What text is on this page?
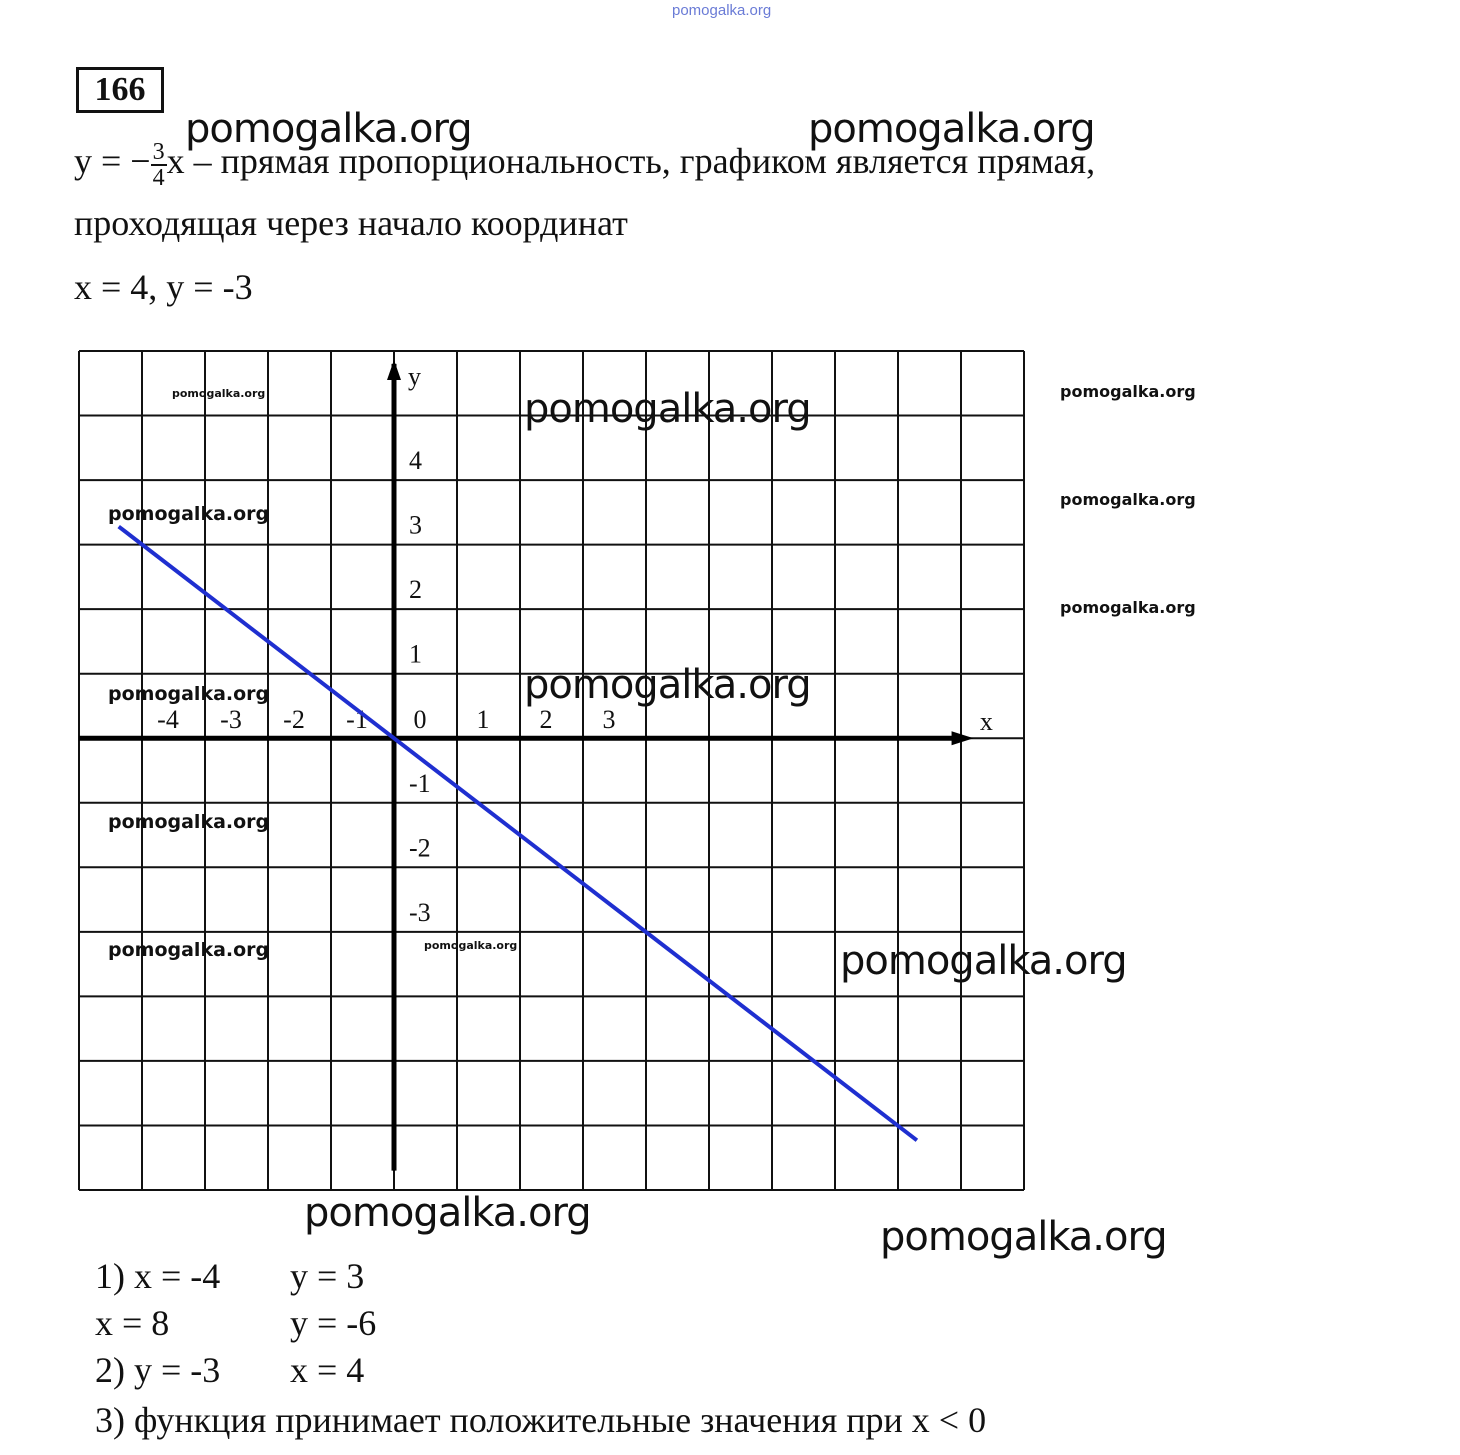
pomogalka.org
166
y = − $\frac{3}{4}$ x – прямая пропорциональность, графиком является прямая,
проходящая через начало координат
x = 4, y = -3
x
y
-4 -3 -2 -1 0 1 2 3
4
3
2
1
-1
-2
-3
1) x = -4 y = 3
x = 8	y = -6
2) y = -3 x = 4
3) функция принимает положительные значения при x < 0
pomogalka.org	pomogalka.org
pomogalka.org
pomogalka.org
pomogalka.org
pomogalka.org
pomogalka.org
pomogalka.org
pomogalka.org
pomogalka.org
pomogalka.org
pomogalka.org
pomogalka.org
pomogalka.org
pomogalka.org
pomogalka.org
